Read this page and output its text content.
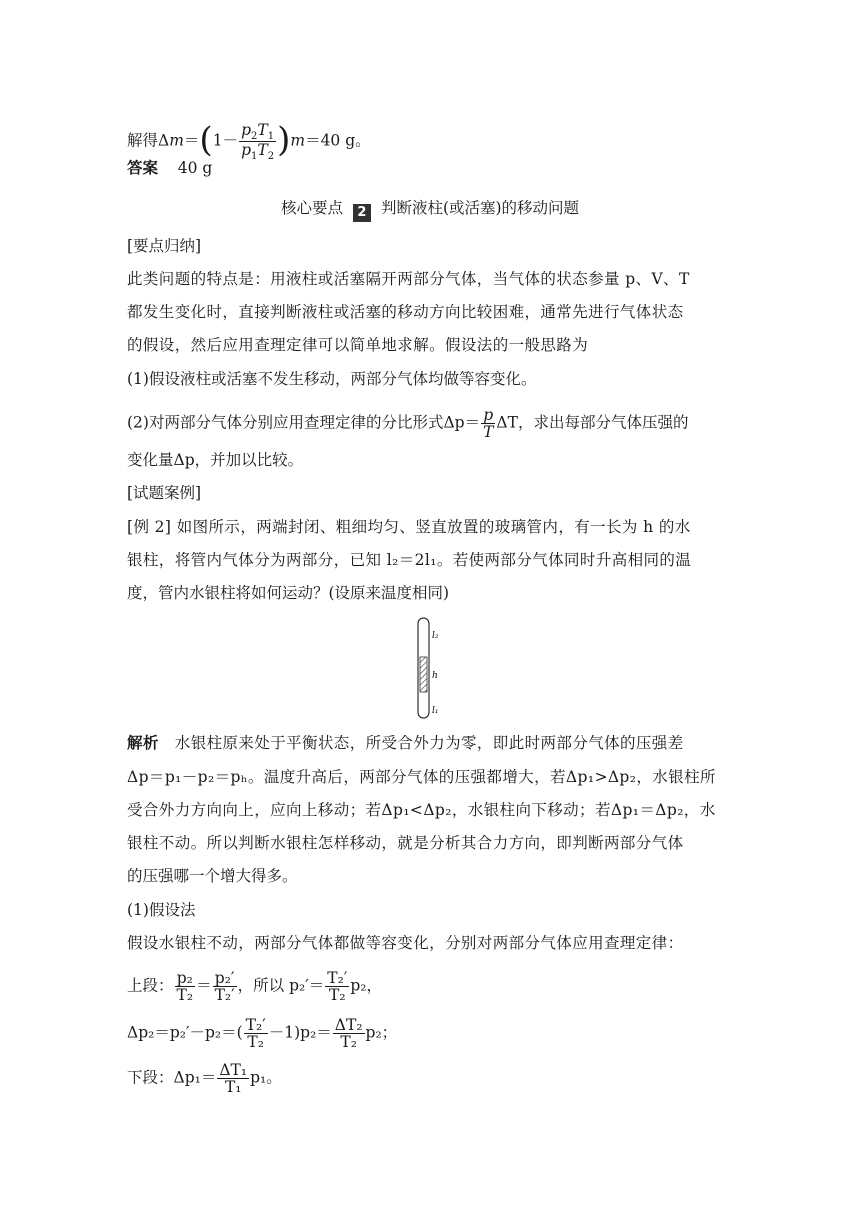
解得$\Delta m=(1- \frac{p_2T_1}{p_1T_2} )m=40$ g。
答案 40 g
核心要点 2 判断液柱(或活塞)的移动问题
[要点归纳]
此类问题的特点是：用液柱或活塞隔开两部分气体，当气体的状态参量 p、V、T
都发生变化时，直接判断液柱或活塞的移动方向比较困难，通常先进行气体状态
的假设，然后应用查理定律可以简单地求解。假设法的一般思路为
(1)假设液柱或活塞不发生移动，两部分气体均做等容变化。
(2)对两部分气体分别应用查理定律的分比形式$\Delta p= \frac{p}{T}$ ΔT，求出每部分气体压强的
变化量Δp，并加以比较。
[试题案例]
[例 2] 如图所示，两端封闭、粗细均匀、竖直放置的玻璃管内，有一长为 h 的水
银柱，将管内气体分为两部分，已知 l₂＝2l₁。若使两部分气体同时升高相同的温
度，管内水银柱将如何运动？(设原来温度相同)
解析 水银柱原来处于平衡状态，所受合外力为零，即此时两部分气体的压强差
Δp＝p₁－p₂＝pₕ。温度升高后，两部分气体的压强都增大，若Δp₁>Δp₂，水银柱所
受合外力方向向上，应向上移动；若Δp₁<Δp₂，水银柱向下移动；若Δp₁＝Δp₂，水
银柱不动。所以判断水银柱怎样移动，就是分析其合力方向，即判断两部分气体
的压强哪一个增大得多。
(1)假设法
假设水银柱不动，两部分气体都做等容变化，分别对两部分气体应用查理定律：
上段： $\frac{\text{p₂}}{\text{T₂}} = \frac{\text{p₂′}}{\text{T₂′}}$ ，所以 $p_2'= \frac{\text{T₂′}}{\text{T₂}} p_2$，
$\Delta p_2=p_2'-p_2=( \frac{\text{T₂′}}{\text{T₂}} -1)p_2= \frac{\text{ΔT₂}}{\text{T₂}} p_2$；
下段：$\Delta p_1= \frac{\text{ΔT₁}}{\text{T₁}} p_1$。
l₂
h
l₁
